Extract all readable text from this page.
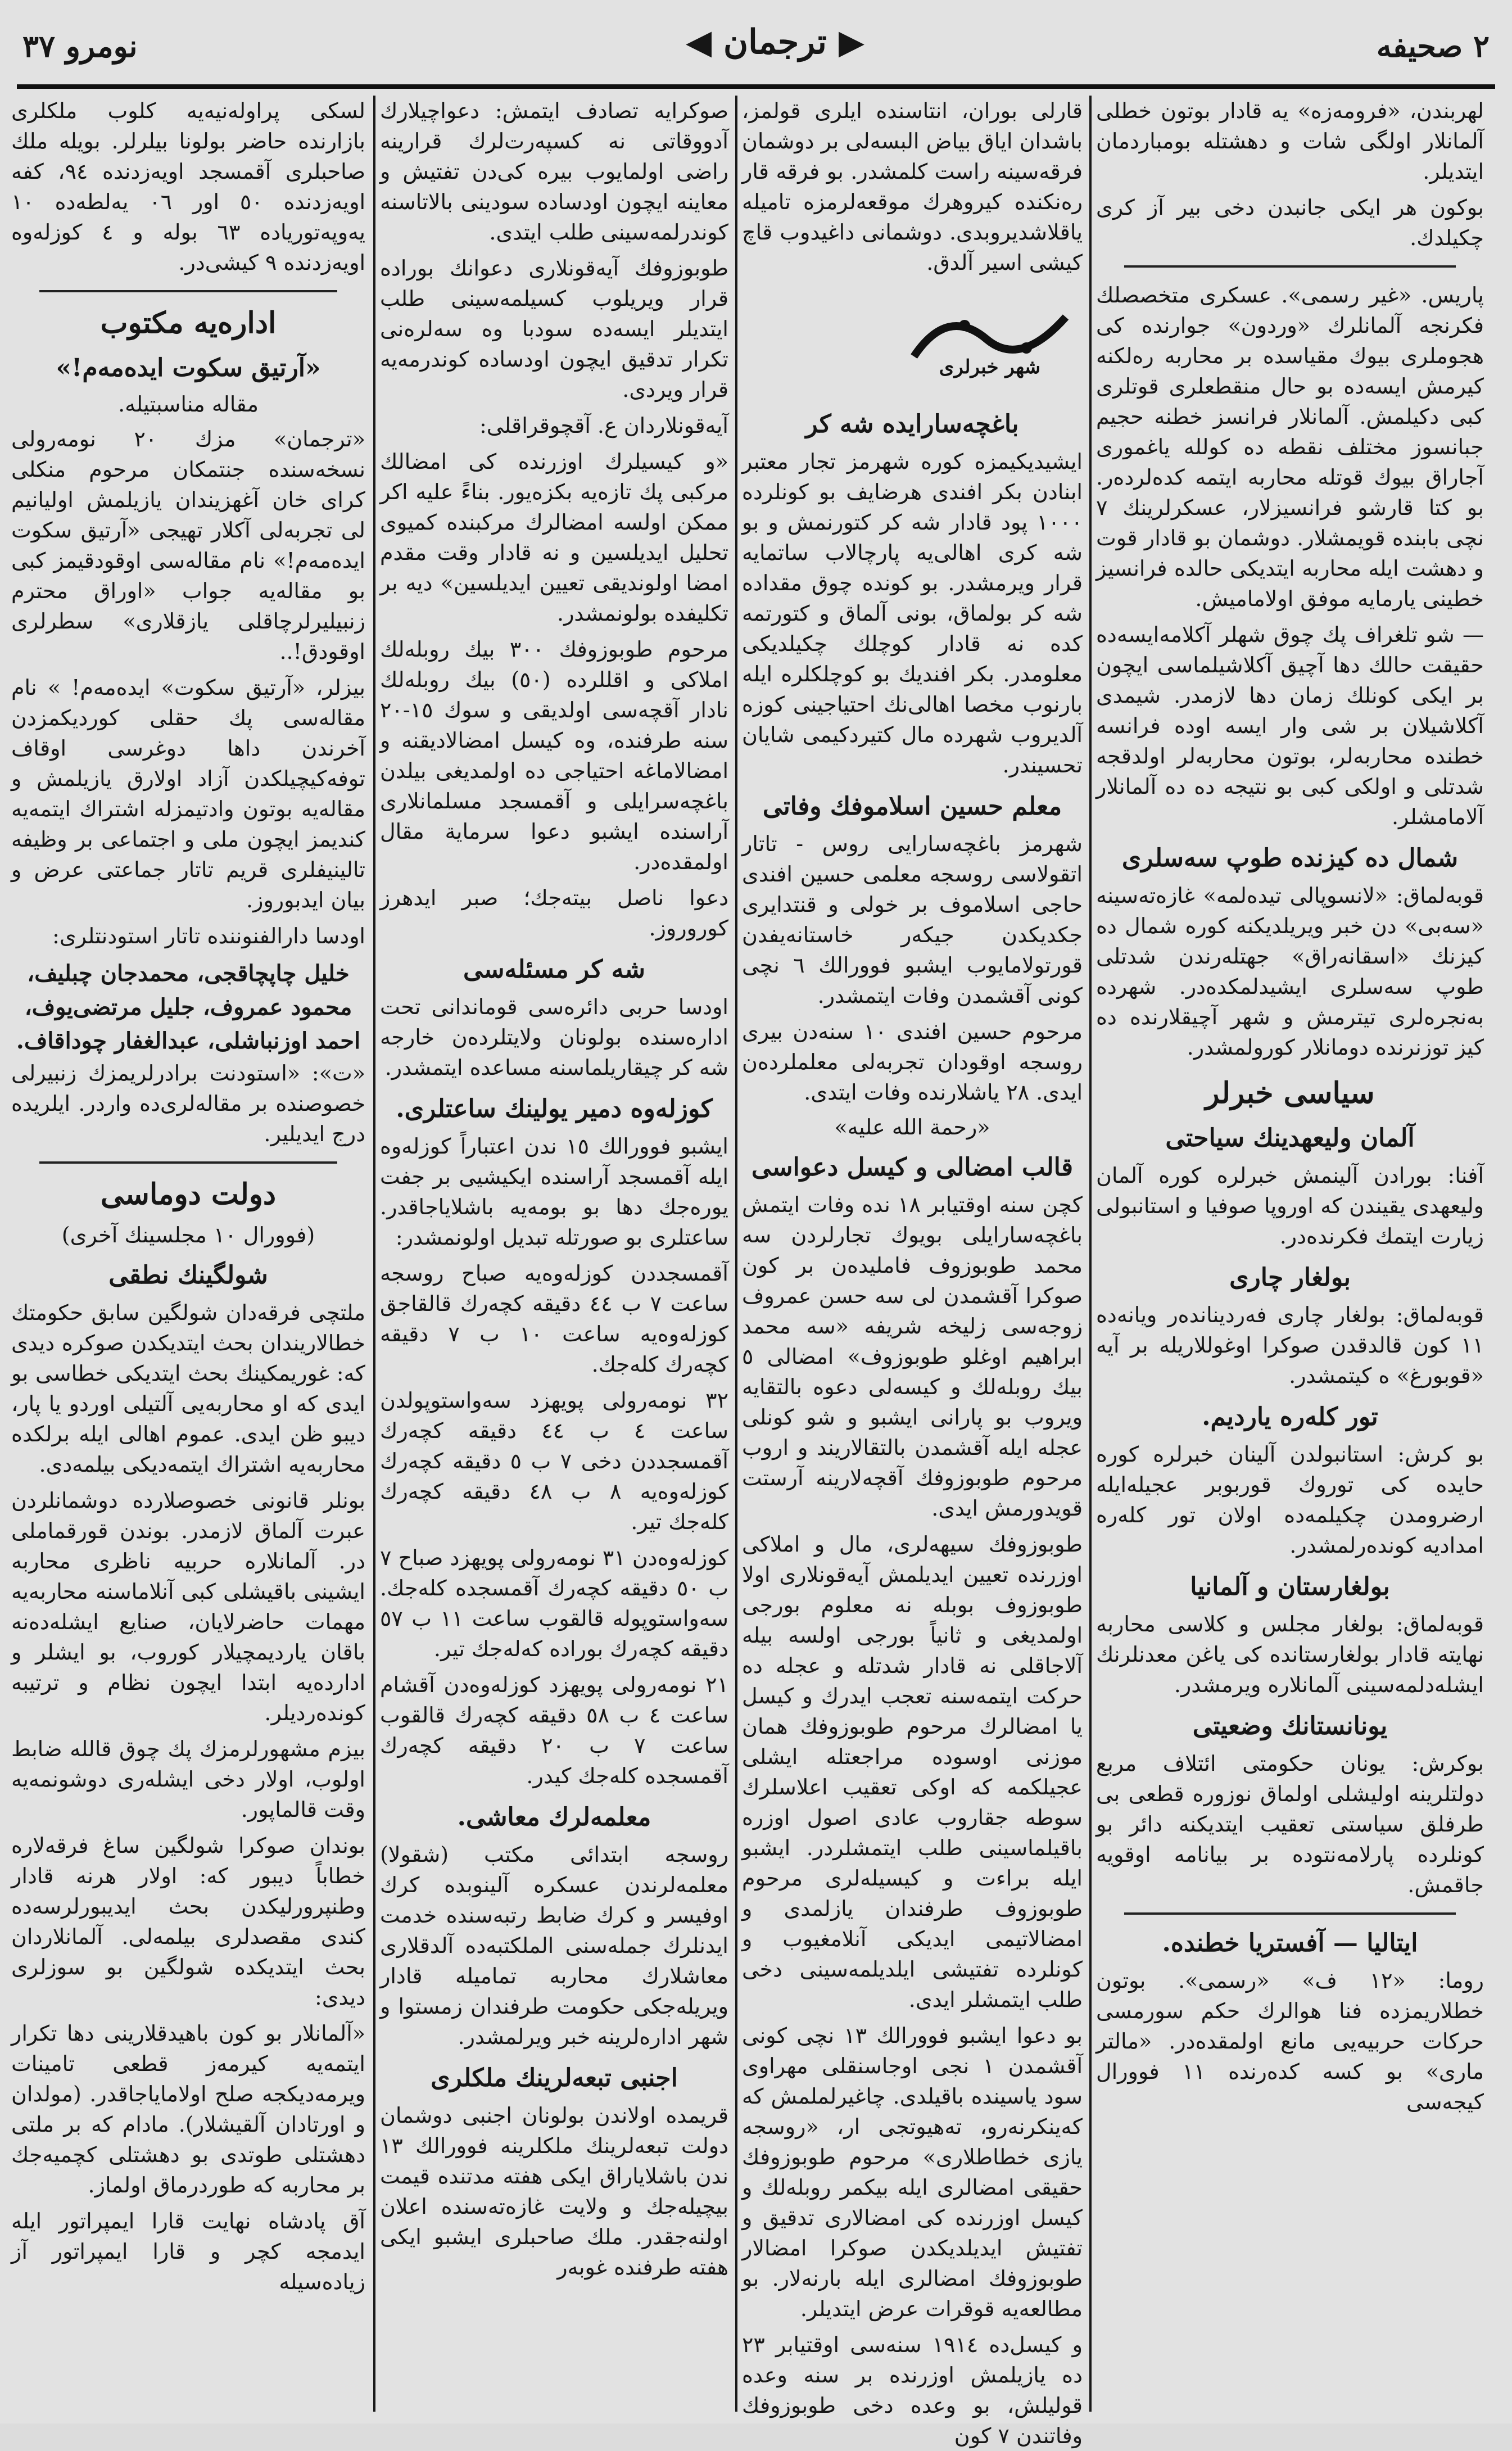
نومرو ٣٧	◀ ترجمان ▶	٢ صحيفه

لهربندن، «فرومه‌زه» يه قادار بوتون خطلى آلمانلار اولگى شات و دهشتله بومباردمان ايتديلر.

بوكون هر ايكى جانبدن دخى بير آز كرى چكيلدك.

پاريس. «غير رسمى». عسكرى متخصصلك فكرنجه آلمانلرك «وردون» جوارنده كى هجوملرى بيوك مقياسده بر محاربه ره‌لكنه كيرمش ايسه‌ده بو حال منقطعلرى قوتلرى كبى دكيلمش. آلمانلار فرانسز خطنه حجيم جبانسوز مختلف نقطه ده كولله ياغمورى آجاراق بيوك قوتله محاربه ايتمه كده‌لرده‌ر. بو كتا قارشو فرانسيزلار، عسكرلرينك ٧ نچى بابنده قويمشلار. دوشمان بو قادار قوت و دهشت ايله محاربه ايتديكى حالده فرانسيز خطينى يارمايه موفق اولاماميش.

— شو تلغراف پك چوق شهلر آكلامه‌ايسه‌ده حقيقت حالك دها آچيق آكلاشيلماسى ايچون بر ايكى كونلك زمان دها لازمدر. شيمدى آكلاشيلان بر شى وار ايسه اوده فرانسه خطنده محاربه‌لر، بوتون محاربه‌لر اولدقجه شدتلى و اولكى كبى بو نتيجه ده ده آلمانلار آلامامشلر.

شمال ده كيزنده طوپ سه‌سلرى

قوبه‌لماق: «لانسوپالى تيده‌لمه» غازه‌ته‌سينه «سه‌بى» دن خبر ويريلديكنه كوره شمال ده كيزنك «اسقانه‌راق» جهتله‌رندن شدتلى طوپ سه‌سلرى ايشيدلمكده‌در. شهرده به‌نجره‌لرى تيترمش و شهر آچيقلارنده ده كيز توزنرنده دومانلار كورولمشدر.

سياسى خبرلر
آلمان وليعهدينك سياحتى

آفنا: بورادن آلينمش خبرلره كوره آلمان وليعهدى يقيندن كه اوروپا صوفيا و استانبولى زيارت ايتمك فكرنده‌در.

بولغار چارى

قوبه‌لماق: بولغار چارى فه‌ردينانده‌ر ويانه‌ده ١١ كون قالدقدن صوكرا اوغوللاريله بر آيه «قوبورغ» ه كيتمشدر.

تور كله‌ره يارديم.

بو كرش: استانبولدن آلينان خبرلره كوره حايده كى توروك قوربوبر عجيله‌ايله ارضرومدن چكيلمه‌ده اولان تور كله‌ره امداديه كونده‌رلمشدر.

بولغارستان و آلمانيا

قوبه‌لماق: بولغار مجلس و كلاسى محاربه نهايته قادار بولغارستانده كى ياغن معدنلرنك ايشله‌دلمه‌سينى آلمانلاره ويرمشدر.

يونانستانك وضعيتى

بوكرش: يونان حكومتى ائتلاف مربع دولتلرينه اوليشلى اولماق نوزوره قطعى بى طرفلق سياستى تعقيب ايتديكنه دائر بو كونلرده پارلامه‌نتوده بر بيانامه اوقويه جاقمش.

ايتاليا — آفستريا خطنده.

روما: «١٢ ف» «رسمى». بوتون خطلاريمزده فنا هوالرك حكم سورمسى حركات حربيه‌يى مانع اولمقده‌در. «مالتر مارى» بو كسه كده‌رنده ١١ فوورال كيجه‌سى

قارلى بوران، انتاسنده ايلرى قولمز، باشدان اياق بياض البسه‌لى بر دوشمان فرقه‌سينه راست كلمشدر. بو فرقه قار ره‌نكنده كيروهرك موقعه‌لرمزه تاميله ياقلاشديروبدى. دوشمانى داغيدوب قاچ كيشى اسير آلدق.

شهر خبرلرى
باغچه‌سارايده شه كر

ايشيديكيمزه كوره شهرمز تجار معتبر ابنادن بكر افندى هرضايف بو كونلرده ١٠٠٠ پود قادار شه كر كتورنمش و بو شه كرى اهالى‌يه پارچالاب ساتمايه قرار ويرمشدر. بو كونده چوق مقداده شه كر بولماق، بونى آلماق و كتورتمه كده نه قادار كوچلك چكيلديكى معلومدر. بكر افنديك بو كوچلكلره ايله بارنوب مخصا اهالى‌نك احتياجينى كوزه آلديروب شهرده مال كتيردكيمى شايان تحسيندر.

معلم حسين اسلاموفك وفاتى

شهرمز باغچه‌سارايى روس - تاتار اتقولاسى روسجه معلمى حسين افندى حاجى اسلاموف بر خولى و قنتدايرى جكديكدن جيكه‌ر خاستانه‌يفدن قورتولامايوب ايشبو فوورالك ٦ نچى كونى آقشمدن وفات ايتمشدر.

مرحوم حسين افندى ١٠ سنه‌دن بيرى روسجه اوقودان تجربه‌لى معلملرده‌ن ايدى. ٢٨ ياشلارنده وفات ايتدى.

«رحمة الله عليه»
قالب امضالى و كيسل دعواسى

كچن سنه اوقتيابر ١٨ نده وفات ايتمش باغچه‌سارايلى بويوك تجارلردن سه محمد طوبوزوف فامليده‌ن بر كون صوكرا آقشمدن لى سه حسن عمروف زوجه‌سى زليخه شريفه «سه محمد ابراهيم اوغلو طوبوزوف» امضالى ٥ بيك روبله‌لك و كيسه‌لى دعوه بالتقايه ويروب بو پارانى ايشبو و شو كونلى عجله ايله آقشمدن بالتقالاريند و اروب مرحوم طوبوزوفك آقچه‌لارينه آرستت قويدورمش ايدى.

طوبوزوفك سيهه‌لرى، مال و املاكى اوزرنده تعيين ايديلمش آيه‌قونلارى اولا طوبوزوف بوبله نه معلوم بورجى اولمديغى و ثانياً بورجى اولسه بيله آلاجاقلى نه قادار شدتله و عجله ده حركت ايتمه‌سنه تعجب ايدرك و كيسل يا امضالرك مرحوم طوبوزوفك همان موزنى اوسوده مراجعتله ايشلى عجيلكمه كه اوكى تعقيب اعلاسلرك سوطه جقاروب عادى اصول اوزره باقيلماسينى طلب ايتمشلردر. ايشبو ايله براءت و كيسيله‌لرى مرحوم طوبوزوف طرفندان يازلمدى و امضالاتيمى ايديكى آنلامغيوب و كونلرده تفتيشى ايلديلمه‌سينى دخى طلب ايتمشلر ايدى.

بو دعوا ايشبو فوورالك ١٣ نچى كونى آقشمدن ١ نجى اوجاسنقلى مهراوى سود ياسينده باقيلدى. چاغيرلملمش كه كه‌ينكرنه‌رو، ته‌هيوتجى ار، «روسجه يازى خطاطلارى» مرحوم طوبوزوفك حقيقى امضالرى ايله بيكمر روبله‌لك و كيسل اوزرنده كى امضالارى تدقيق و تفتيش ايديلديكدن صوكرا امضالار طوبوزوفك امضالرى ايله بارنه‌لار. بو مطالعه‌يه قوقرات عرض ايتديلر.

و كيسل‌ده ١٩١٤ سنه‌سى اوقتيابر ٢٣ ده يازيلمش اوزرنده بر سنه وعده قوليلش، بو وعده دخى طوبوزوفك وفاتندن ٧ كون

صوكرايه تصادف ايتمش: دعواچيلارك آدووقاتى نه كسپه‌رت‌لرك قرارينه راضى اولمايوب بيره كى‌دن تفتيش و معاينه ايچون اودساده سودينى بالاتاسنه كوندرلمه‌سينى طلب ايتدى.

طوبوزوفك آيه‌قونلارى دعوانك بوراده قرار ويريلوب كسيلمه‌سينى طلب ايتديلر ايسه‌ده سودبا وه سه‌لره‌نى تكرار تدقيق ايچون اودساده كوندرمه‌يه قرار ويردى.

آيه‌قونلاردان ع. آقچوقراقلى:

«و كيسيلرك اوزرنده كى امضالك مركبى پك تازه‌يه بكزه‌يور. بناءً عليه اكر ممكن اولسه امضالرك مركبنده كميوى تحليل ايديلسين و نه قادار وقت مقدم امضا اولونديقى تعيين ايديلسين» ديه بر تكليفده بولونمشدر.

مرحوم طوبوزوفك ٣٠٠ بيك روبله‌لك املاكى و اقللرده (٥٠) بيك روبله‌لك نادار آقچه‌سى اولديقى و سوك ١٥-٢٠ سنه طرفنده، وه كيسل امضالاديقنه و امضالاماغه احتياجى ده اولمديغى بيلدن باغچه‌سرايلى و آقمسجد مسلمانلارى آراسنده ايشبو دعوا سرماية مقال اولمقده‌در.

دعوا ناصل بيته‌جك؛ صبر ايدهرز كوروروز.

شه كر مسئله‌سى

اودسا حربى دائره‌سى قوماندانى تحت اداره‌سنده بولونان ولايتلرده‌ن خارجه شه كر چيقاريلماسنه مساعده ايتمشدر.

كوزله‌وه دمير يولينك ساعتلرى.

ايشبو فوورالك ١٥ ندن اعتباراً كوزله‌وه ايله آقمسجد آراسنده ايكيشيى بر جفت يوره‌جك دها بو بومه‌يه باشلاياجاقدر. ساعتلرى بو صورتله تبديل اولونمشدر:

آقمسجددن كوزله‌وه‌يه صباح روسجه ساعت ٧ ب ٤٤ دقيقه كچه‌رك قالقاجق كوزله‌وه‌يه ساعت ١٠ ب ٧ دقيقه كچه‌رك كله‌جك.

٣٢ نومه‌رولى پويهزد سه‌واستوپولدن ساعت ٤ ب ٤٤ دقيقه كچه‌رك آقمسجددن دخى ٧ ب ٥ دقيقه كچه‌رك كوزله‌وه‌يه ٨ ب ٤٨ دقيقه كچه‌رك كله‌جك تير.

كوزله‌وه‌دن ٣١ نومه‌رولى پويهزد صباح ٧ ب ٥٠ دقيقه كچه‌رك آقمسجده كله‌جك. سه‌واستوپوله قالقوب ساعت ١١ ب ٥٧ دقيقه كچه‌رك بوراده كه‌له‌جك تير.

٢١ نومه‌رولى پويهزد كوزله‌وه‌دن آقشام ساعت ٤ ب ٥٨ دقيقه كچه‌رك قالقوب ساعت ٧ ب ٢٠ دقيقه كچه‌رك آقمسجده كله‌جك كيدر.

معلمه‌لرك معاشى.

روسجه ابتدائى مكتب (شقولا) معلمه‌لرندن عسكره آلينوبده كرك اوفيسر و كرك ضابط رتبه‌سنده خدمت ايدنلرك جمله‌سنى الملكتبه‌ده آلدقلارى معاشلارك محاربه تماميله قادار ويريله‌جكى حكومت طرفندان زمستوا و شهر اداره‌لرينه خبر ويرلمشدر.

اجنبى تبعه‌لرينك ملكلرى

قريمده اولاندن بولونان اجنبى دوشمان دولت تبعه‌لرينك ملكلرينه فوورالك ١٣ ندن باشلاياراق ايكى هفته مدتنده قيمت بيچيله‌جك و ولايت غازه‌ته‌سنده اعلان اولنه‌جقدر. ملك صاحبلرى ايشبو ايكى هفته طرفنده غوبه‌ر

لسكى پراوله‌نيه‌يه كلوب ملكلرى بازارنده حاضر بولونا بيلرلر. بويله ملك صاحبلرى آقمسجد اويه‌زدنده ٩٤، كفه اويه‌زدنده ٥٠ اور ٠٦ يه‌لطه‌‌ده ١٠ يه‌وپه‌تورياده ٦٣ بوله‌ و ٤ كوزله‌وه اويه‌زدنده ٩ كيشى‌در.

اداره‌يه مكتوب
«آرتيق سكوت ايده‌مه‌م!»
مقاله مناسبتيله.

«ترجمان» مزك ٢٠ نومه‌رولى نسخه‌سنده جنتمكان مرحوم منكلى كراى خان آغهزيندان يازيلمش اوليانيم لى تجربه‌لى آكلار تهيجى «آرتيق سكوت ايده‌مه‌م!» نام مقاله‌سى اوقودقيمز كبى بو مقاله‌يه جواب «اوراق محترم زنبيليرلرچاقلى يازقلارى» سطرلرى اوقودق!..

بيزلر، «آرتيق سكوت» ايده‌مه‌م! » نام مقاله‌سى پك حقلى كورديكمزدن آخرندن داها دوغرسى اوقاف توفه‌كيچيلكدن آزاد اولارق يازيلمش و مقاله‌يه بوتون وادتيمزله اشتراك ايتمه‌يه كنديمز ايچون ملى و اجتماعى بر وظيفه تالينيفلرى قريم تاتار جماعتى عرض و بيان ايدبوروز.

اودسا دارالفنوننده تاتار استودنتلرى:

خليل چاپچاقجى، محمدجان چبليف،
محمود عمروف، جليل مرتضى‌يوف،
احمد اوزنباشلى، عبدالغفار چوداقاف.

«ت»: «استودنت برادرلريمزك زنبيرلى خصوصنده بر مقاله‌لرى‌ده واردر. ايلريده درج ايديلير.

دولت دوماسى
(فوورال ١٠ مجلسينك آخرى)
شولگينك نطقى

ملتچى فرقه‌دان شولگين سابق حكومتك خطالاريندان بحث ايتديكدن صوكره ديدى كه: غوريمكينك بحث ايتديكى خطاسى بو ايدى كه او محاربه‌يى آلتيلى اوردو يا پار، ديبو ظن ايدى. عموم اهالى ايله برلكده محاربه‌يه اشتراك ايتمه‌ديكى بيلمه‌دى.

بونلر قانونى خصوصلارده دوشمانلردن عبرت آلماق لازمدر. بوندن قورقماملى در. آلمانلاره حربيه ناظرى محاربه ايشينى باقيشلى كبى آنلاماسنه محاربه‌يه مهمات حاضرلايان، صنايع ايشله‌ده‌نه باقان يارديمچيلار كوروب، بو ايشلر و ادارده‌يه ابتدا ايچون نظام و ترتيبه كونده‌رديلر.

بيزم مشهورلرمزك پك چوق قالله ضابط اولوب، اولار دخى ايشله‌رى دوشونمه‌يه وقت قالماپور.

بوندان صوكرا شولگين ساغ فرقه‌لاره خطاباً ديبور كه: اولار هرنه قادار وطنپرورليكدن بحث ايديبورلرسه‌ده كندى مقصدلرى بيلمه‌لى. آلمانلاردان بحث ايتديكده شولگين بو سوزلرى ديدى:

«آلمانلار بو كون باهيدقلارينى دها تكرار ايتمه‌يه كيرمه‌ز قطعى تامينات ويرمه‌ديكجه صلح اولاماياجاقدر. (مولدان و اورتادان آلقيشلار). مادام كه بر ملتى دهشتلى طوتدى بو دهشتلى كچميه‌جك بر محاربه كه طوردرماق اولماز.

آق پادشاه نهايت قارا ايمپراتور ايله ايدمجه كچر و قارا ايمپراتور آز زياده‌سيله
